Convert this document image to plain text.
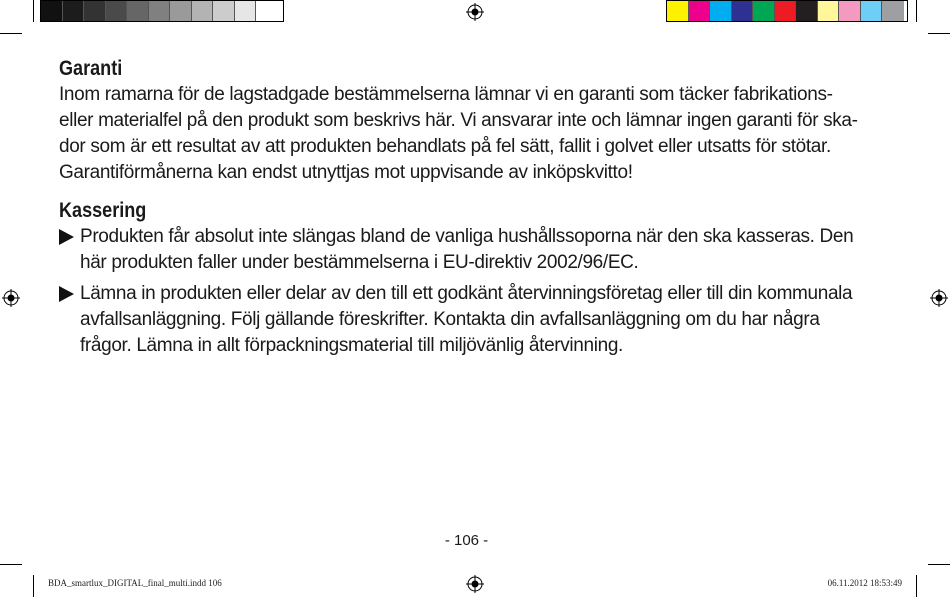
Garanti

Inom ramarna för de lagstadgade bestämmelserna lämnar vi en garanti som täcker fabrikations-
eller materialfel på den produkt som beskrivs här. Vi ansvarar inte och lämnar ingen garanti för ska-
dor som är ett resultat av att produkten behandlats på fel sätt, fallit i golvet eller utsatts för stötar.
Garantiförmånerna kan endst utnyttjas mot uppvisande av inköpskvitto!

Kassering
Produkten får absolut inte slängas bland de vanliga hushållssoporna när den ska kasseras. Den
här produkten faller under bestämmelserna i EU-direktiv 2002/96/EC.
Lämna in produkten eller delar av den till ett godkänt återvinningsföretag eller till din kommunala
avfallsanläggning. Följ gällande föreskrifter. Kontakta din avfallsanläggning om du har några
frågor. Lämna in allt förpackningsmaterial till miljövänlig återvinning.
- 106 -
BDA_smartlux_DIGITAL_final_multi.indd 106	06.11.2012 18:53:49
